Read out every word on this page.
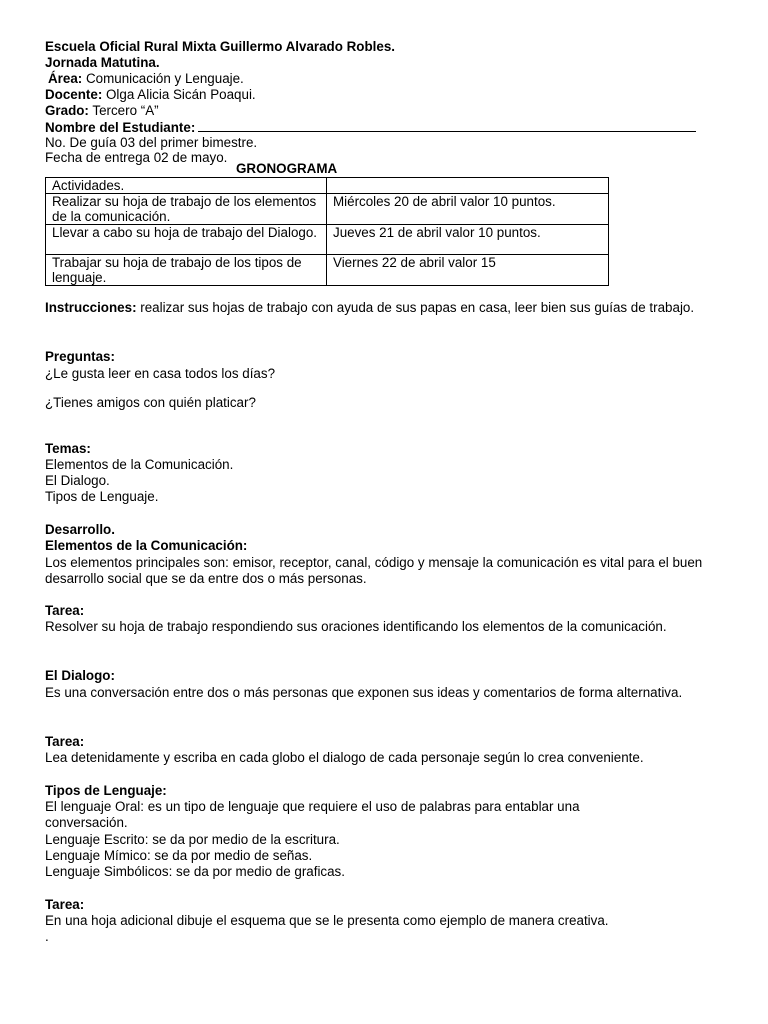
Escuela Oficial Rural Mixta Guillermo Alvarado Robles.
Jornada Matutina.
Área: Comunicación y Lenguaje.
Docente: Olga Alicia Sicán Poaqui.
Grado: Tercero “A”
Nombre del Estudiante:
No. De guía 03 del primer bimestre.
Fecha de entrega 02 de mayo.
GRONOGRAMA
Actividades.	
Realizar su hoja de trabajo de los elementos de la comunicación.	Miércoles 20 de abril valor 10 puntos.
Llevar a cabo su hoja de trabajo del Dialogo.	Jueves 21 de abril valor 10 puntos.
Trabajar su hoja de trabajo de los tipos de lenguaje.	Viernes 22 de abril valor 15
Instrucciones: realizar sus hojas de trabajo con ayuda de sus papas en casa, leer bien sus guías de trabajo.
Preguntas:
¿Le gusta leer en casa todos los días?
¿Tienes amigos con quién platicar?
Temas:
Elementos de la Comunicación.
El Dialogo.
Tipos de Lenguaje.
Desarrollo.
Elementos de la Comunicación:
Los elementos principales son: emisor, receptor, canal, código y mensaje la comunicación es vital para el buen desarrollo social que se da entre dos o más personas.
Tarea:
Resolver su hoja de trabajo respondiendo sus oraciones identificando los elementos de la comunicación.
El Dialogo:
Es una conversación entre dos o más personas que exponen sus ideas y comentarios de forma alternativa.
Tarea:
Lea detenidamente y escriba en cada globo el dialogo de cada personaje según lo crea conveniente.
Tipos de Lenguaje:
El lenguaje Oral: es un tipo de lenguaje que requiere el uso de palabras para entablar una conversación.
Lenguaje Escrito: se da por medio de la escritura.
Lenguaje Mímico: se da por medio de señas.
Lenguaje Simbólicos: se da por medio de graficas.
Tarea:
En una hoja adicional dibuje el esquema que se le presenta como ejemplo de manera creativa.
.
